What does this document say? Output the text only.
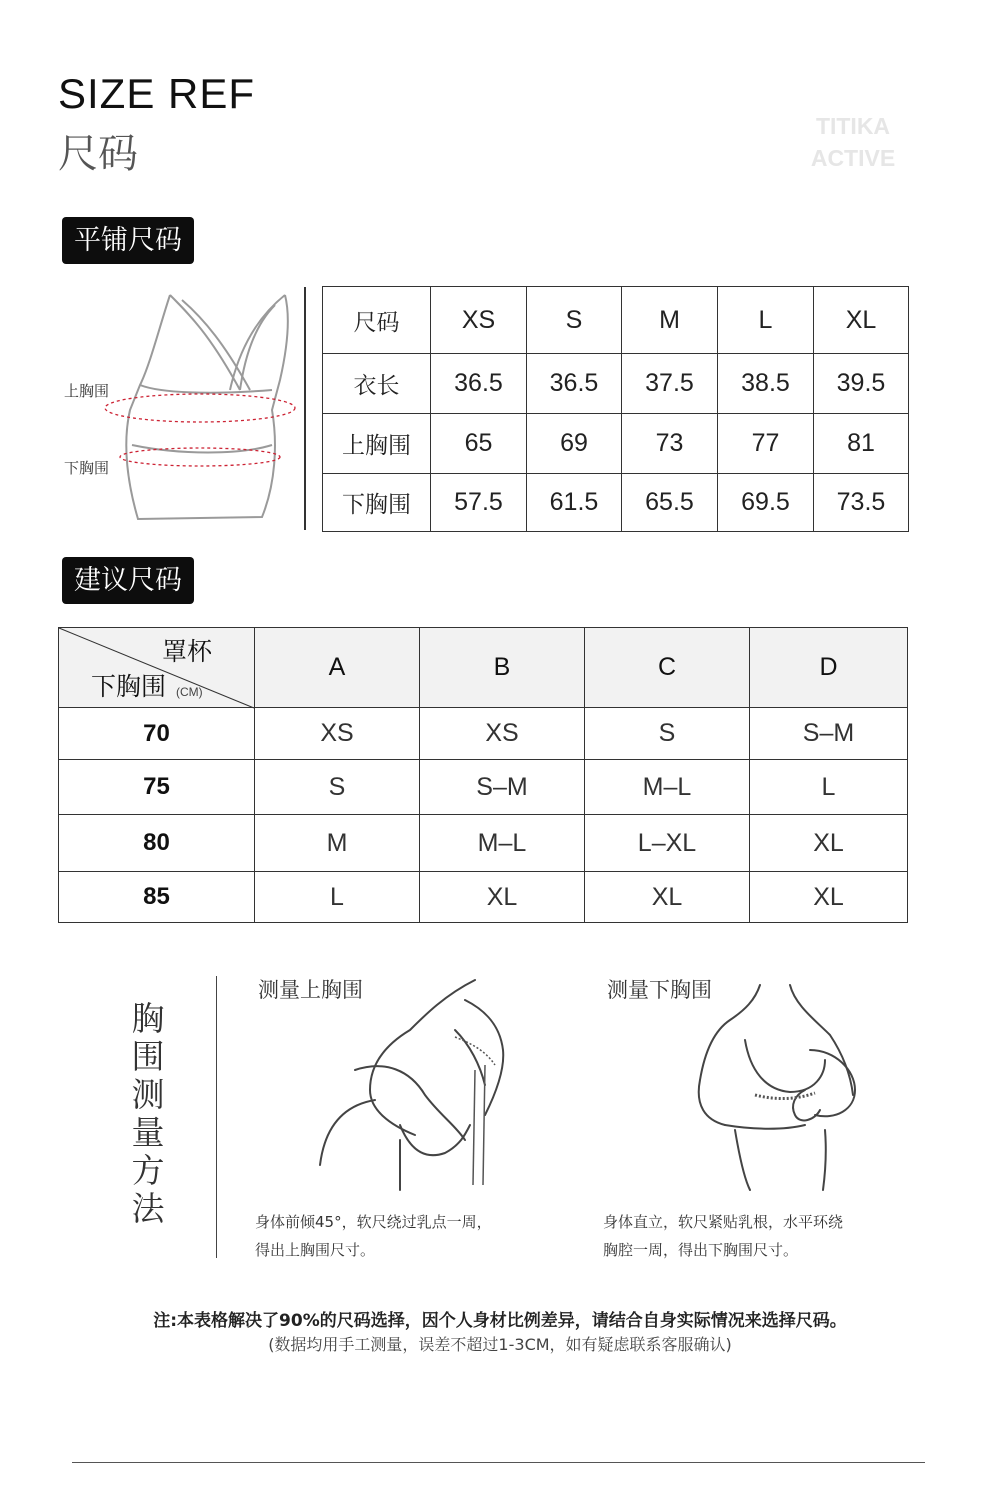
SIZE REF
尺码
TITIKA
ACTIVE
平铺尺码
上胸围
下胸围
尺码	XS	S	M	L	XL
衣长	36.5	36.5	37.5	38.5	39.5
上胸围	65	69	73	77	81
下胸围	57.5	61.5	65.5	69.5	73.5
建议尺码
罩杯
下胸围 (CM)	A	B	C	D
70	XS	XS	S	S–M
75	S	S–M	M–L	L
80	M	M–L	L–XL	XL
85	L	XL	XL	XL
胸
围
测
量
方
法
测量上胸围
身体前倾45°，软尺绕过乳点一周，
得出上胸围尺寸。
测量下胸围
身体直立，软尺紧贴乳根，水平环绕
胸腔一周，得出下胸围尺寸。
注:本表格解决了90%的尺码选择，因个人身材比例差异，请结合自身实际情况来选择尺码。
(数据均用手工测量，误差不超过1-3CM，如有疑虑联系客服确认)
